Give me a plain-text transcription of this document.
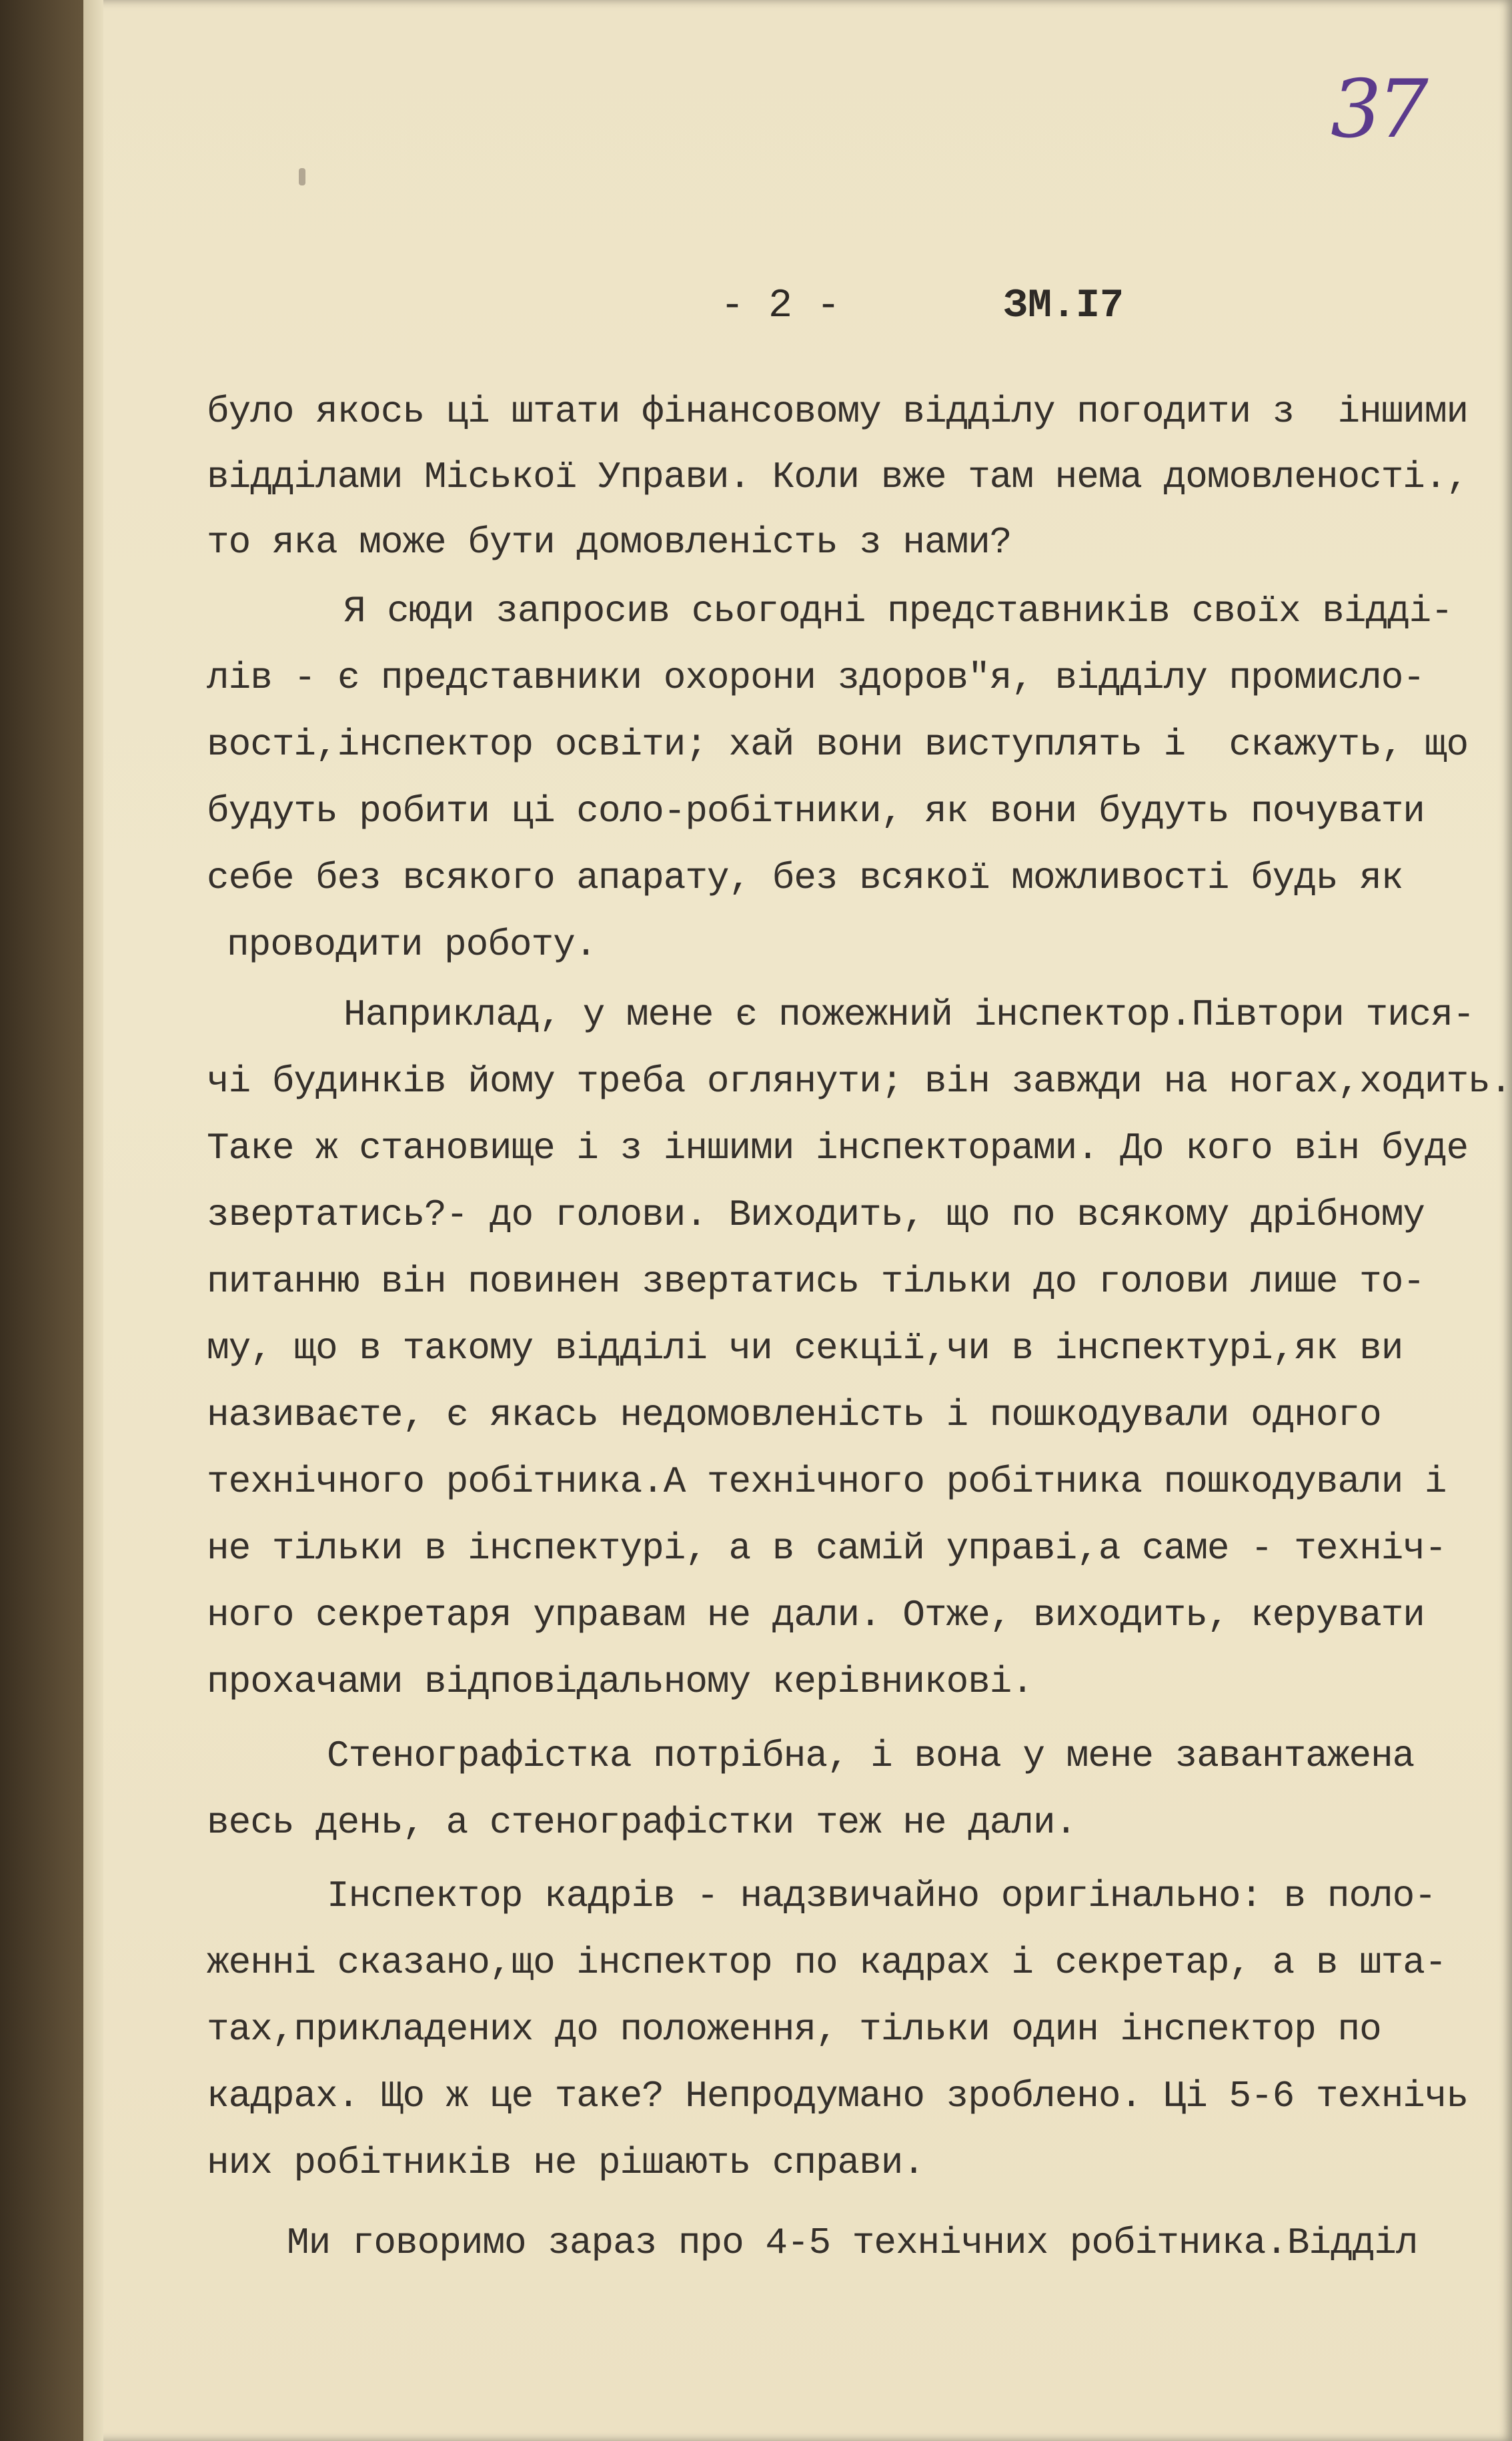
37
- 2 -	ЗМ.І7
було якось ці штати фінансовому відділу погодити з  іншими
відділами Міської Управи. Коли вже там нема домовленості.,
то яка може бути домовленість з нами?
Я сюди запросив сьогодні представників своїх відді-
лів - є представники охорони здоров"я, відділу промисло-
вості,інспектор освіти; хай вони виступлять і  скажуть, що
будуть робити ці соло-робітники, як вони будуть почувати
себе без всякого апарату, без всякої можливості будь як
проводити роботу.
Наприклад, у мене є пожежний інспектор.Півтори тися-
чі будинків йому треба оглянути; він завжди на ногах,ходить.
Таке ж становище і з іншими інспекторами. До кого він буде
звертатись?- до голови. Виходить, що по всякому дрібному
питанню він повинен звертатись тільки до голови лише то-
му, що в такому відділі чи секції,чи в інспектурі,як ви
називаєте, є якась недомовленість і пошкодували одного
технічного робітника.А технічного робітника пошкодували і
не тільки в інспектурі, а в самій управі,а саме - техніч-
ного секретаря управам не дали. Отже, виходить, керувати
прохачами відповідальному керівникові.
Стенографістка потрібна, і вона у мене завантажена
весь день, а стенографістки теж не дали.
Інспектор кадрів - надзвичайно оригінально: в поло-
женні сказано,що інспектор по кадрах і секретар, а в шта-
тах,прикладених до положення, тільки один інспектор по
кадрах. Що ж це таке? Непродумано зроблено. Ці 5-6 технічь
них робітників не рішають справи.
Ми говоримо зараз про 4-5 технічних робітника.Відділ
